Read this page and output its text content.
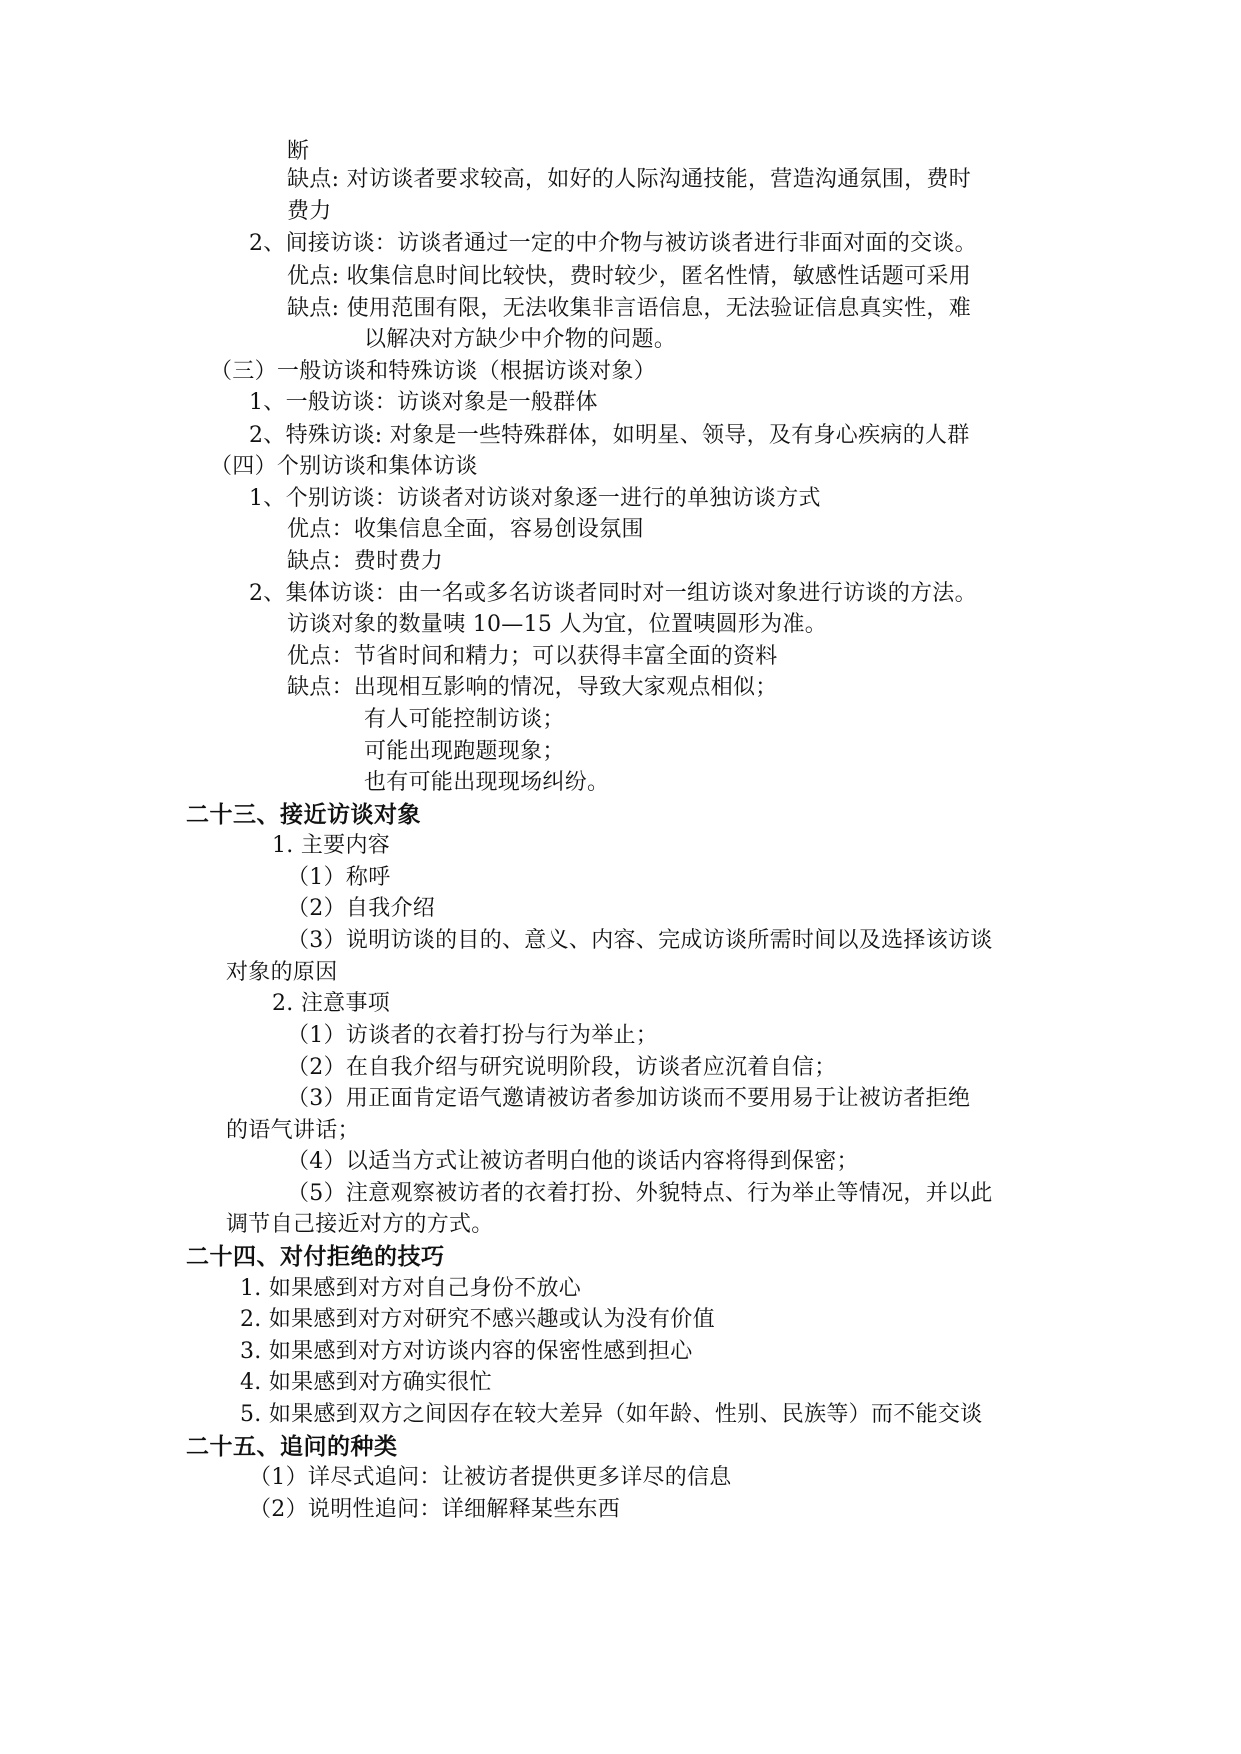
断
缺点: 对访谈者要求较高，如好的人际沟通技能，营造沟通氛围，费时
费力
2、间接访谈：访谈者通过一定的中介物与被访谈者进行非面对面的交谈。
优点: 收集信息时间比较快，费时较少，匿名性情，敏感性话题可采用
缺点: 使用范围有限，无法收集非言语信息，无法验证信息真实性，难
以解决对方缺少中介物的问题。
（三）一般访谈和特殊访谈（根据访谈对象）
1、一般访谈：访谈对象是一般群体
2、特殊访谈: 对象是一些特殊群体，如明星、领导，及有身心疾病的人群
（四）个别访谈和集体访谈
1、个别访谈：访谈者对访谈对象逐一进行的单独访谈方式
优点：收集信息全面，容易创设氛围
缺点：费时费力
2、集体访谈：由一名或多名访谈者同时对一组访谈对象进行访谈的方法。
访谈对象的数量咦 10—15 人为宜，位置咦圆形为准。
优点：节省时间和精力；可以获得丰富全面的资料
缺点：出现相互影响的情况，导致大家观点相似；
有人可能控制访谈；
可能出现跑题现象；
也有可能出现现场纠纷。
二十三、接近访谈对象
1. 主要内容
（1）称呼
（2）自我介绍
（3）说明访谈的目的、意义、内容、完成访谈所需时间以及选择该访谈
对象的原因
2. 注意事项
（1）访谈者的衣着打扮与行为举止；
（2）在自我介绍与研究说明阶段，访谈者应沉着自信；
（3）用正面肯定语气邀请被访者参加访谈而不要用易于让被访者拒绝
的语气讲话；
（4）以适当方式让被访者明白他的谈话内容将得到保密；
（5）注意观察被访者的衣着打扮、外貌特点、行为举止等情况，并以此
调节自己接近对方的方式。
二十四、对付拒绝的技巧
1. 如果感到对方对自己身份不放心
2. 如果感到对方对研究不感兴趣或认为没有价值
3. 如果感到对方对访谈内容的保密性感到担心
4. 如果感到对方确实很忙
5. 如果感到双方之间因存在较大差异（如年龄、性别、民族等）而不能交谈
二十五、追问的种类
（1）详尽式追问：让被访者提供更多详尽的信息
（2）说明性追问：详细解释某些东西
